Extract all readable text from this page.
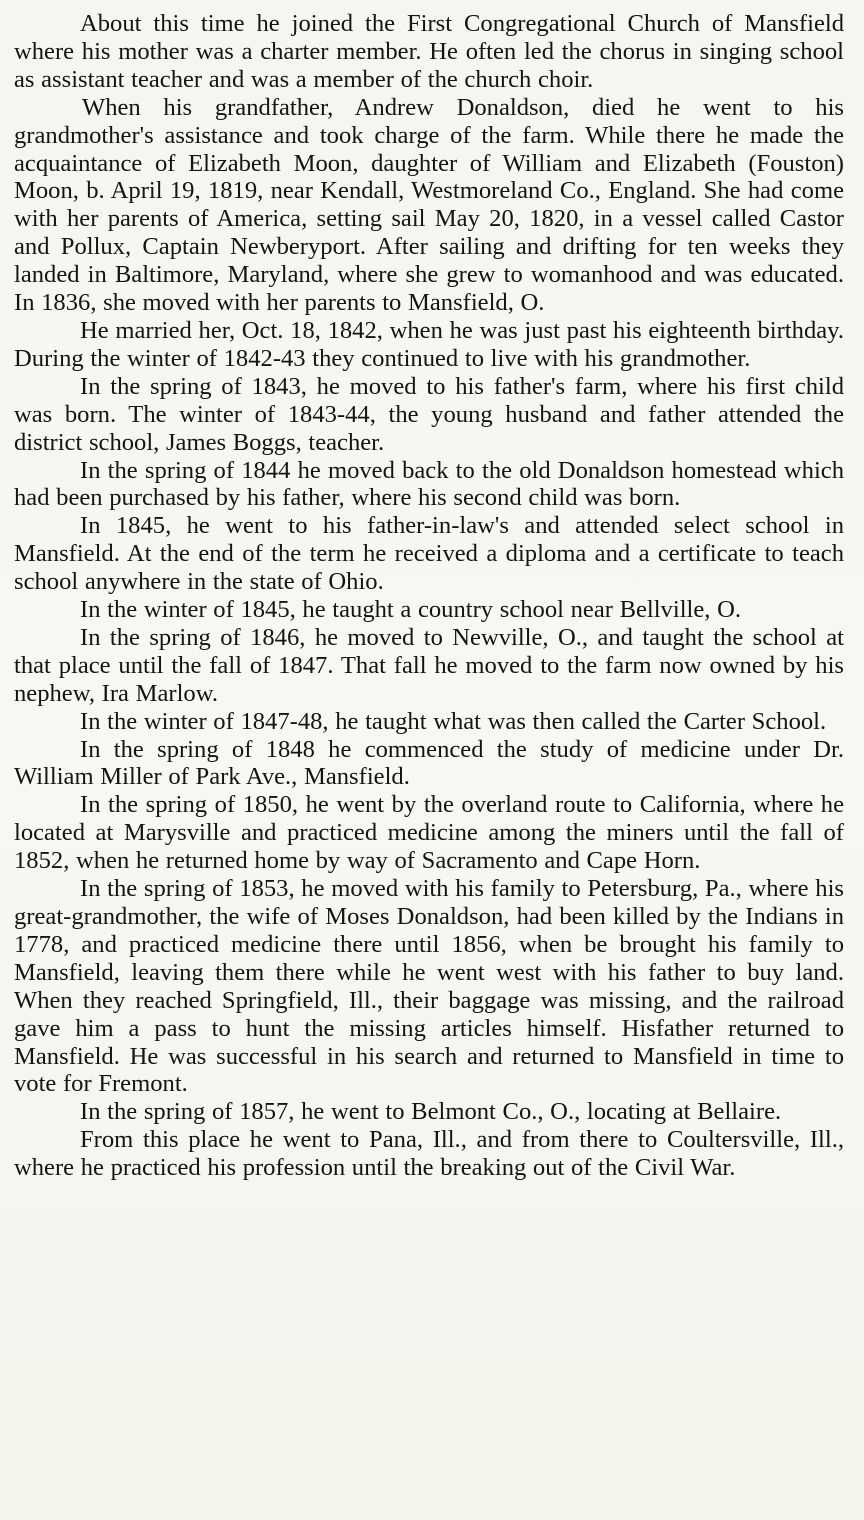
About this time he joined the First Congregational Church of Mansfield where his mother was a charter member. He often led the chorus in singing school as assistant teacher and was a member of the church choir.

When his grandfather, Andrew Donaldson, died he went to his grandmother's assistance and took charge of the farm. While there he made the acquaintance of Elizabeth Moon, daughter of William and Elizabeth (Fouston) Moon, b. April 19, 1819, near Kendall, Westmoreland Co., England. She had come with her parents of America, setting sail May 20, 1820, in a vessel called Castor and Pollux, Captain Newberyport. After sailing and drifting for ten weeks they landed in Baltimore, Maryland, where she grew to womanhood and was educated. In 1836, she moved with her parents to Mansfield, O.

He married her, Oct. 18, 1842, when he was just past his eighteenth birthday. During the winter of 1842-43 they continued to live with his grandmother.

In the spring of 1843, he moved to his father's farm, where his first child was born. The winter of 1843-44, the young husband and father attended the district school, James Boggs, teacher.

In the spring of 1844 he moved back to the old Donaldson homestead which had been purchased by his father, where his second child was born.

In 1845, he went to his father-in-law's and attended select school in Mansfield. At the end of the term he received a diploma and a certificate to teach school anywhere in the state of Ohio.

In the winter of 1845, he taught a country school near Bellville, O.

In the spring of 1846, he moved to Newville, O., and taught the school at that place until the fall of 1847. That fall he moved to the farm now owned by his nephew, Ira Marlow.

In the winter of 1847-48, he taught what was then called the Carter School.

In the spring of 1848 he commenced the study of medicine under Dr. William Miller of Park Ave., Mansfield.

In the spring of 1850, he went by the overland route to California, where he located at Marysville and practiced medicine among the miners until the fall of 1852, when he returned home by way of Sacramento and Cape Horn.

In the spring of 1853, he moved with his family to Petersburg, Pa., where his great-grandmother, the wife of Moses Donaldson, had been killed by the Indians in 1778, and practiced medicine there until 1856, when be brought his family to Mansfield, leaving them there while he went west with his father to buy land. When they reached Springfield, Ill., their baggage was missing, and the railroad gave him a pass to hunt the missing articles himself. Hisfather returned to Mansfield. He was successful in his search and returned to Mansfield in time to vote for Fremont.

In the spring of 1857, he went to Belmont Co., O., locating at Bellaire.

From this place he went to Pana, Ill., and from there to Coultersville, Ill., where he practiced his profession until the breaking out of the Civil War.
